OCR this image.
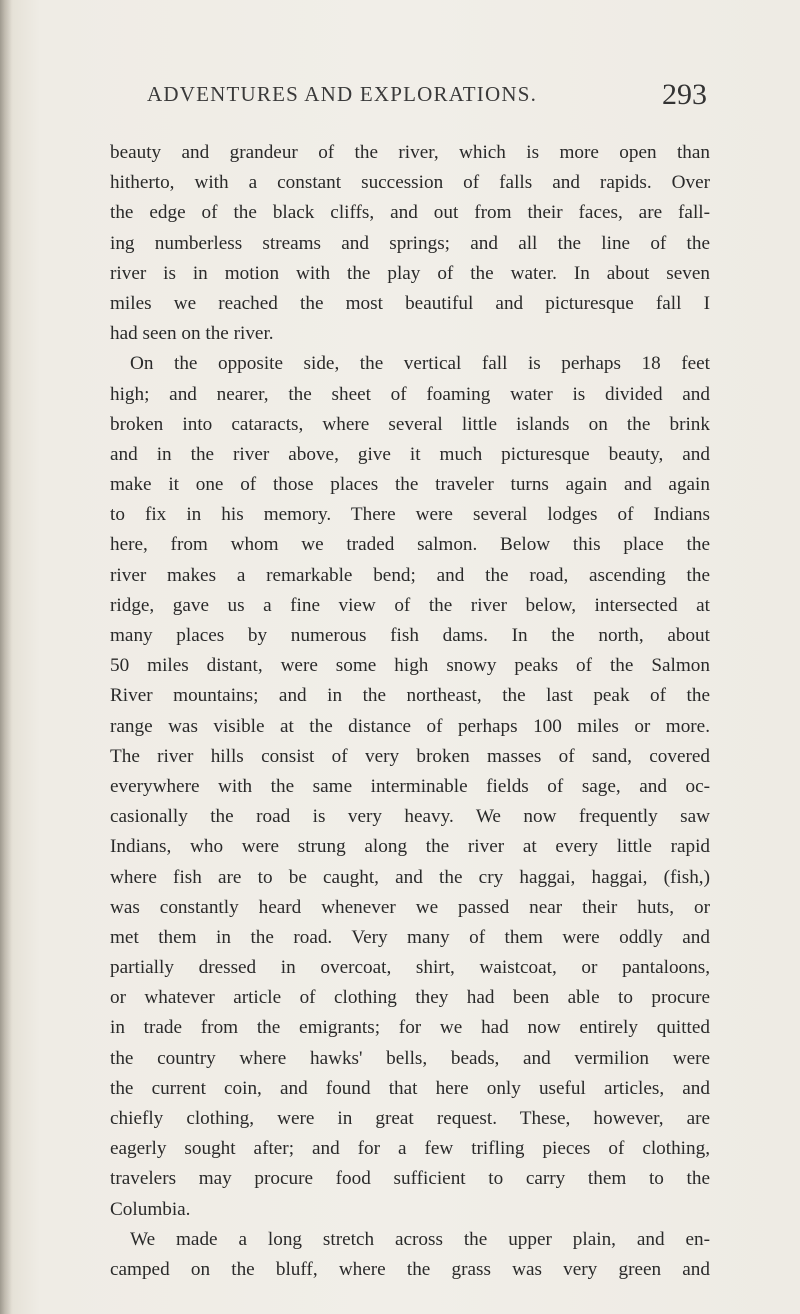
ADVENTURES AND EXPLORATIONS.	293
beauty and grandeur of the river, which is more open than
hitherto, with a constant succession of falls and rapids. Over
the edge of the black cliffs, and out from their faces, are fall-
ing numberless streams and springs; and all the line of the
river is in motion with the play of the water. In about seven
miles we reached the most beautiful and picturesque fall I
had seen on the river.
On the opposite side, the vertical fall is perhaps 18 feet
high; and nearer, the sheet of foaming water is divided and
broken into cataracts, where several little islands on the brink
and in the river above, give it much picturesque beauty, and
make it one of those places the traveler turns again and again
to fix in his memory. There were several lodges of Indians
here, from whom we traded salmon. Below this place the
river makes a remarkable bend; and the road, ascending the
ridge, gave us a fine view of the river below, intersected at
many places by numerous fish dams. In the north, about
50 miles distant, were some high snowy peaks of the Salmon
River mountains; and in the northeast, the last peak of the
range was visible at the distance of perhaps 100 miles or more.
The river hills consist of very broken masses of sand, covered
everywhere with the same interminable fields of sage, and oc-
casionally the road is very heavy. We now frequently saw
Indians, who were strung along the river at every little rapid
where fish are to be caught, and the cry haggai, haggai, (fish,)
was constantly heard whenever we passed near their huts, or
met them in the road. Very many of them were oddly and
partially dressed in overcoat, shirt, waistcoat, or pantaloons,
or whatever article of clothing they had been able to procure
in trade from the emigrants; for we had now entirely quitted
the country where hawks' bells, beads, and vermilion were
the current coin, and found that here only useful articles, and
chiefly clothing, were in great request. These, however, are
eagerly sought after; and for a few trifling pieces of clothing,
travelers may procure food sufficient to carry them to the
Columbia.
We made a long stretch across the upper plain, and en-
camped on the bluff, where the grass was very green and
